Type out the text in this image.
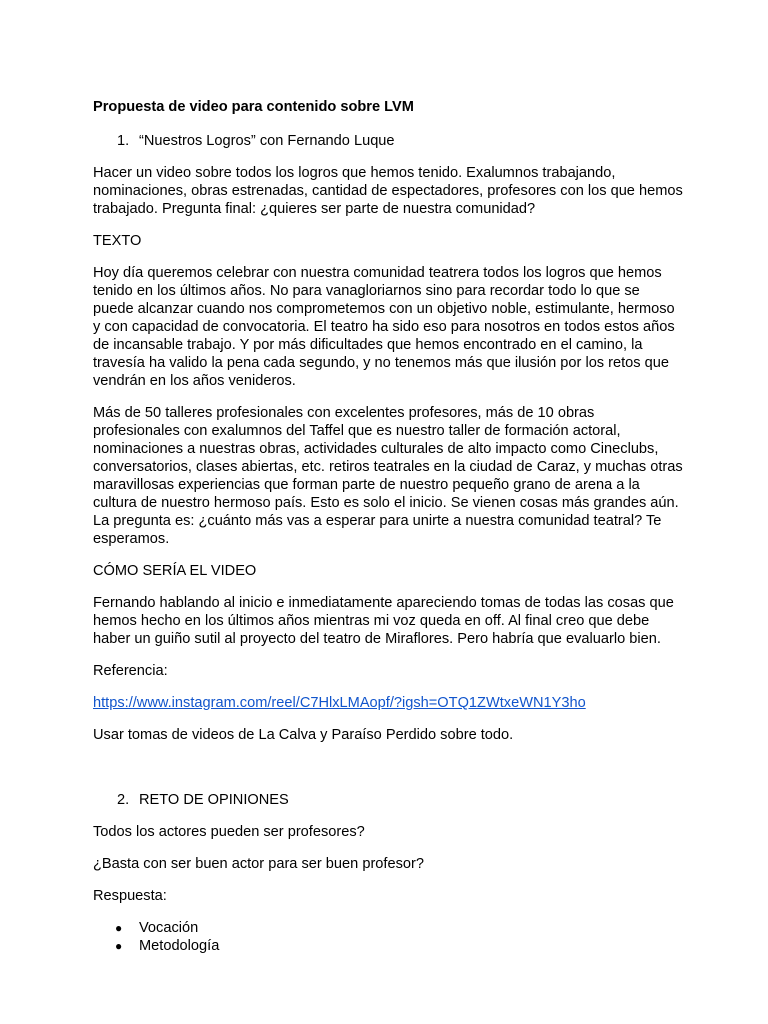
Propuesta de video para contenido sobre LVM
1. “Nuestros Logros” con Fernando Luque

Hacer un video sobre todos los logros que hemos tenido. Exalumnos trabajando, nominaciones, obras estrenadas, cantidad de espectadores, profesores con los que hemos trabajado. Pregunta final: ¿quieres ser parte de nuestra comunidad?

TEXTO

Hoy día queremos celebrar con nuestra comunidad teatrera todos los logros que hemos tenido en los últimos años. No para vanagloriarnos sino para recordar todo lo que se puede alcanzar cuando nos comprometemos con un objetivo noble, estimulante, hermoso y con capacidad de convocatoria. El teatro ha sido eso para nosotros en todos estos años de incansable trabajo. Y por más dificultades que hemos encontrado en el camino, la travesía ha valido la pena cada segundo, y no tenemos más que ilusión por los retos que vendrán en los años venideros.

Más de 50 talleres profesionales con excelentes profesores, más de 10 obras profesionales con exalumnos del Taffel que es nuestro taller de formación actoral, nominaciones a nuestras obras, actividades culturales de alto impacto como Cineclubs, conversatorios, clases abiertas, etc. retiros teatrales en la ciudad de Caraz, y muchas otras maravillosas experiencias que forman parte de nuestro pequeño grano de arena a la cultura de nuestro hermoso país. Esto es solo el inicio. Se vienen cosas más grandes aún. La pregunta es: ¿cuánto más vas a esperar para unirte a nuestra comunidad teatral? Te esperamos.

CÓMO SERÍA EL VIDEO

Fernando hablando al inicio e inmediatamente apareciendo tomas de todas las cosas que hemos hecho en los últimos años mientras mi voz queda en off. Al final creo que debe haber un guiño sutil al proyecto del teatro de Miraflores. Pero habría que evaluarlo bien.

Referencia:

https://www.instagram.com/reel/C7HlxLMAopf/?igsh=OTQ1ZWtxeWN1Y3ho

Usar tomas de videos de La Calva y Paraíso Perdido sobre todo.

2. RETO DE OPINIONES

Todos los actores pueden ser profesores?

¿Basta con ser buen actor para ser buen profesor?

Respuesta:

● Vocación
● Metodología
